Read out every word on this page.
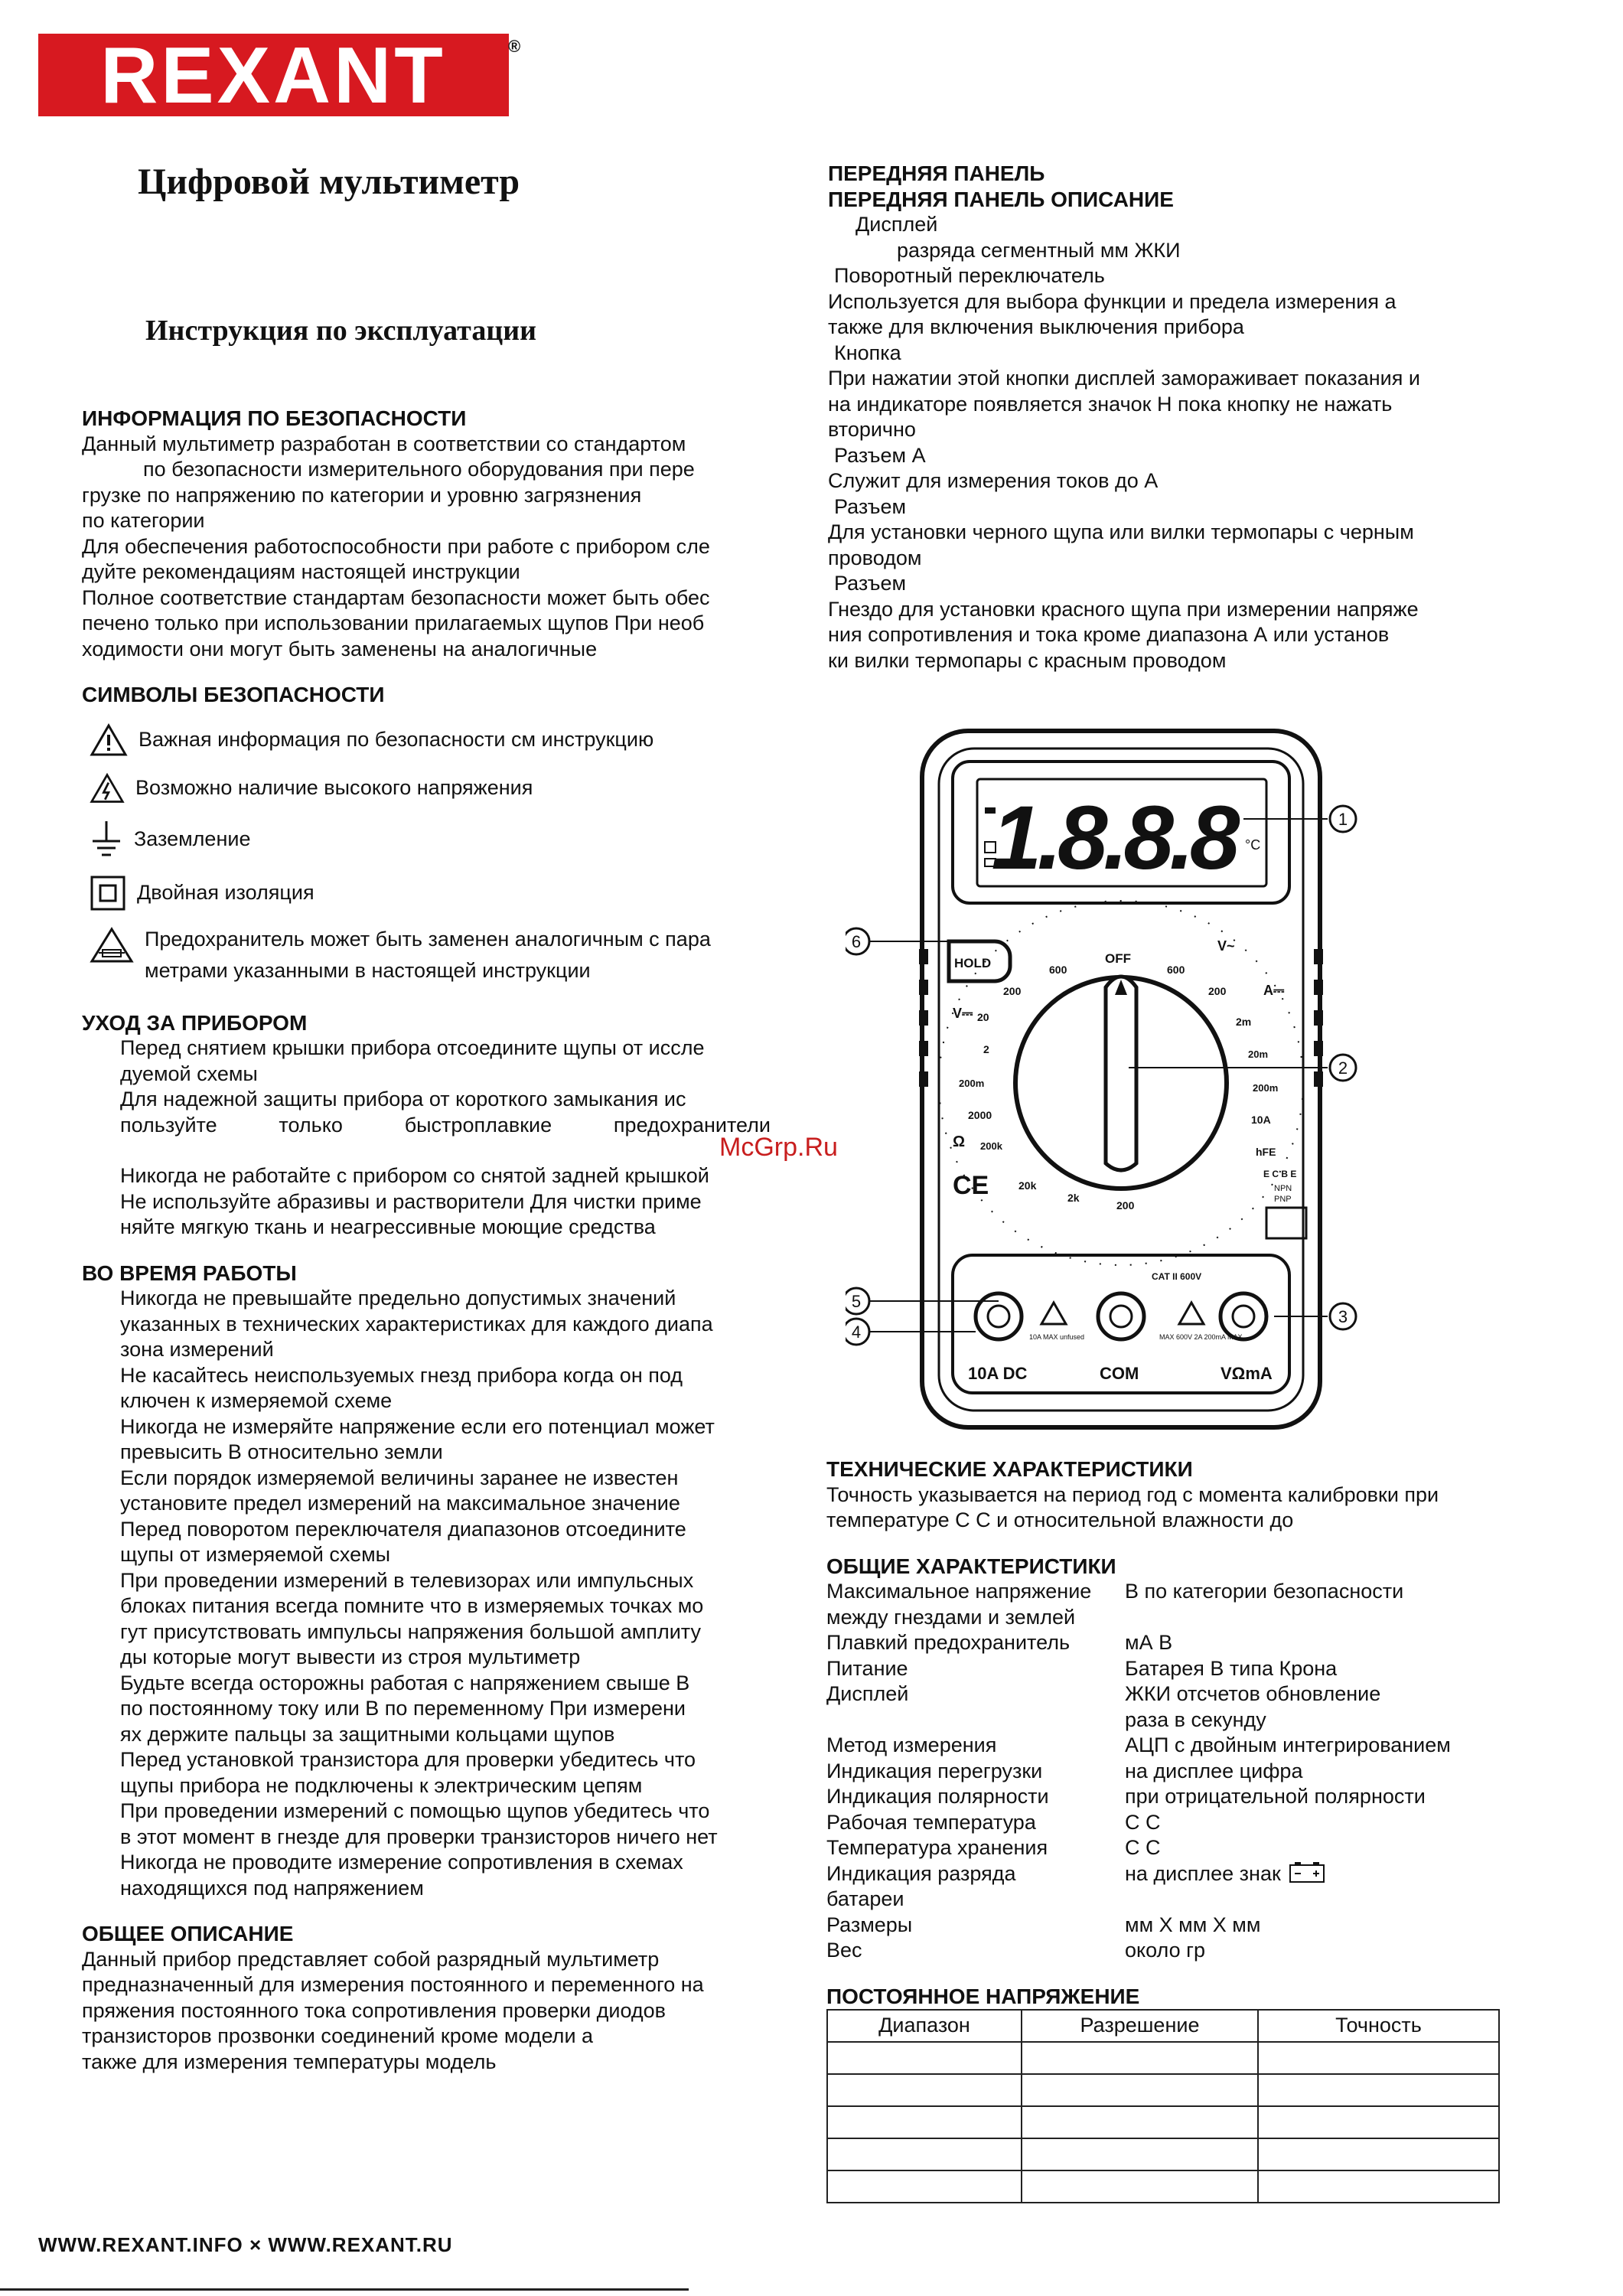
REXANT	®
Цифровой мультиметр
Инструкция по эксплуатации
ИНФОРМАЦИЯ ПО БЕЗОПАСНОСТИ

Данный мультиметр разработан в соответствии со стандартом

по безопасности измерительного оборудования при пере

грузке по напряжению по категории и уровню загрязнения

по категории

Для обеспечения работоспособности при работе с прибором сле

дуйте рекомендациям настоящей инструкции

Полное соответствие стандартам безопасности может быть обес

печено только при использовании прилагаемых щупов При необ

ходимости они могут быть заменены на аналогичные

СИМВОЛЫ БЕЗОПАСНОСТИ
Важная информация по безопасности см инструкцию
Возможно наличие высокого напряжения
Заземление
Двойная изоляция
Предохранитель может быть заменен аналогичным с пара
метрами указанными в настоящей инструкции
УХОД ЗА ПРИБОРОМ

Перед снятием крышки прибора отсоедините щупы от иссле

дуемой схемы

Для надежной защиты прибора от короткого замыкания ис

пользуйте только быстроплавкие предохранители

Никогда не работайте с прибором со снятой задней крышкой

Не используйте абразивы и растворители Для чистки приме

няйте мягкую ткань и неагрессивные моющие средства

ВО ВРЕМЯ РАБОТЫ

Никогда не превышайте предельно допустимых значений

указанных в технических характеристиках для каждого диапа

зона измерений

Не касайтесь неиспользуемых гнезд прибора когда он под

ключен к измеряемой схеме

Никогда не измеряйте напряжение если его потенциал может

превысить В относительно земли

Если порядок измеряемой величины заранее не известен

установите предел измерений на максимальное значение

Перед поворотом переключателя диапазонов отсоедините

щупы от измеряемой схемы

При проведении измерений в телевизорах или импульсных

блоках питания всегда помните что в измеряемых точках мо

гут присутствовать импульсы напряжения большой амплиту

ды которые могут вывести из строя мультиметр

Будьте всегда осторожны работая с напряжением свыше В

по постоянному току или В по переменному При измерени

ях держите пальцы за защитными кольцами щупов

Перед установкой транзистора для проверки убедитесь что

щупы прибора не подключены к электрическим цепям

При проведении измерений с помощью щупов убедитесь что

в этот момент в гнезде для проверки транзисторов ничего нет

Никогда не проводите измерение сопротивления в схемах

находящихся под напряжением

ОБЩЕЕ ОПИСАНИЕ

Данный прибор представляет собой разрядный мультиметр

предназначенный для измерения постоянного и переменного на

пряжения постоянного тока сопротивления проверки диодов

транзисторов прозвонки соединений кроме модели а

также для измерения температуры модель

ПЕРЕДНЯЯ ПАНЕЛЬ
ПЕРЕДНЯЯ ПАНЕЛЬ ОПИСАНИЕ

Дисплей

разряда сегментный мм ЖКИ

Поворотный переключатель

Используется для выбора функции и предела измерения а

также для включения выключения прибора

Кнопка

При нажатии этой кнопки дисплей замораживает показания и

на индикаторе появляется значок H пока кнопку не нажать

вторично

Разъем А

Служит для измерения токов до А

Разъем

Для установки черного щупа или вилки термопары с черным

проводом

Разъем

Гнездо для установки красного щупа при измерении напряже

ния сопротивления и тока кроме диапазона А или установ

ки вилки термопары с красным проводом

1.8.8.8 °C
HOLD	OFF
600
200
20
2
200m
2000
200k
20k
2k
200
600
200
2m
20m
200m
10A
V~
A⎓
V⎓
Ω
hFE
CE	E C B E
NPN
PNP
CAT II 600V
10A MAX unfused	MAX 600V 2A 200mA MAX
10A DC	COM	VΩmA
1
2
3
4
5
6
ТЕХНИЧЕСКИЕ ХАРАКТЕРИСТИКИ

Точность указывается на период год с момента калибровки при

температуре С С и относительной влажности до

ОБЩИЕ ХАРАКТЕРИСТИКИ
Максимальное напряжение	В по категории безопасности
между гнездами и землей
Плавкий предохранитель	мА В
Питание	Батарея В типа Крона
Дисплей	ЖКИ отсчетов обновление
раза в секунду
Метод измерения	АЦП с двойным интегрированием
Индикация перегрузки	на дисплее цифра
Индикация полярности	при отрицательной полярности
Рабочая температура	С С
Температура хранения	С С
Индикация разряда	на дисплее знак
батареи
Размеры	мм Х мм Х мм
Вес	около гр
ПОСТОЯННОЕ НАПРЯЖЕНИЕ
Диапазон	Разрешение	Точность

McGrp.Ru
WWW.REXANT.INFO × WWW.REXANT.RU
